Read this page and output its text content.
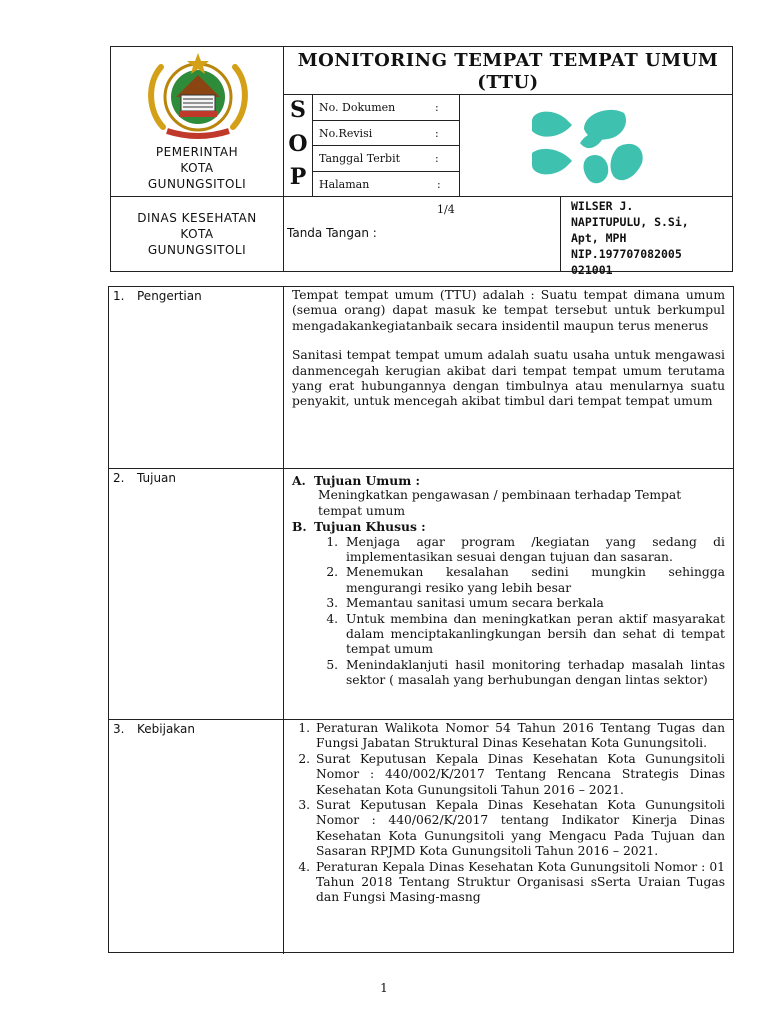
PEMERINTAH
KOTA
GUNUNGSITOLI
MONITORING TEMPAT TEMPAT UMUM (TTU)
S
O
P
No. Dokumen	:
No.Revisi	:
Tanggal Terbit	:
Halaman	: 1/4
DINAS KESEHATAN
KOTA
GUNUNGSITOLI
Tanda Tangan :
WILSER J.
NAPITUPULU, S.Si,
Apt, MPH
NIP.197707082005
021001
1. Pengertian	Tempat tempat umum (TTU) adalah : Suatu tempat dimana umum (semua orang) dapat masuk ke tempat tersebut untuk berkumpul mengadakankegiatanbaik secara insidentil maupun terus menerus

Sanitasi tempat tempat umum adalah suatu usaha untuk mengawasi danmencegah kerugian akibat dari tempat tempat umum terutama yang erat hubungannya dengan timbulnya atau menularnya suatu penyakit, untuk mencegah akibat timbul dari tempat tempat umum

2. Tujuan	A. Tujuan Umum :

Meningkatkan pengawasan / pembinaan terhadap Tempat tempat umum

B. Tujuan Khusus :

1. Menjaga agar program /kegiatan yang sedang di implementasikan sesuai dengan tujuan dan sasaran.
2. Menemukan kesalahan sedini mungkin sehingga mengurangi resiko yang lebih besar
3. Memantau sanitasi umum secara berkala
4. Untuk membina dan meningkatkan peran aktif masyarakat dalam menciptakanlingkungan bersih dan sehat di tempat tempat umum
5. Menindaklanjuti hasil monitoring terhadap masalah lintas sektor ( masalah yang berhubungan dengan lintas sektor)
3. Kebijakan
1.	Peraturan Walikota Nomor 54 Tahun 2016 Tentang Tugas dan Fungsi Jabatan Struktural Dinas Kesehatan Kota Gunungsitoli.
2. Surat Keputusan Kepala Dinas Kesehatan Kota Gunungsitoli Nomor : 440/002/K/2017 Tentang Rencana Strategis Dinas Kesehatan Kota Gunungsitoli Tahun 2016 – 2021.
3. Surat Keputusan Kepala Dinas Kesehatan Kota Gunungsitoli Nomor : 440/062/K/2017 tentang Indikator Kinerja Dinas Kesehatan Kota Gunungsitoli yang Mengacu Pada Tujuan dan Sasaran RPJMD Kota Gunungsitoli Tahun 2016 – 2021.
4. Peraturan Kepala Dinas Kesehatan Kota Gunungsitoli Nomor : 01 Tahun 2018 Tentang Struktur Organisasi sSerta Uraian Tugas dan Fungsi Masing-masng
1
